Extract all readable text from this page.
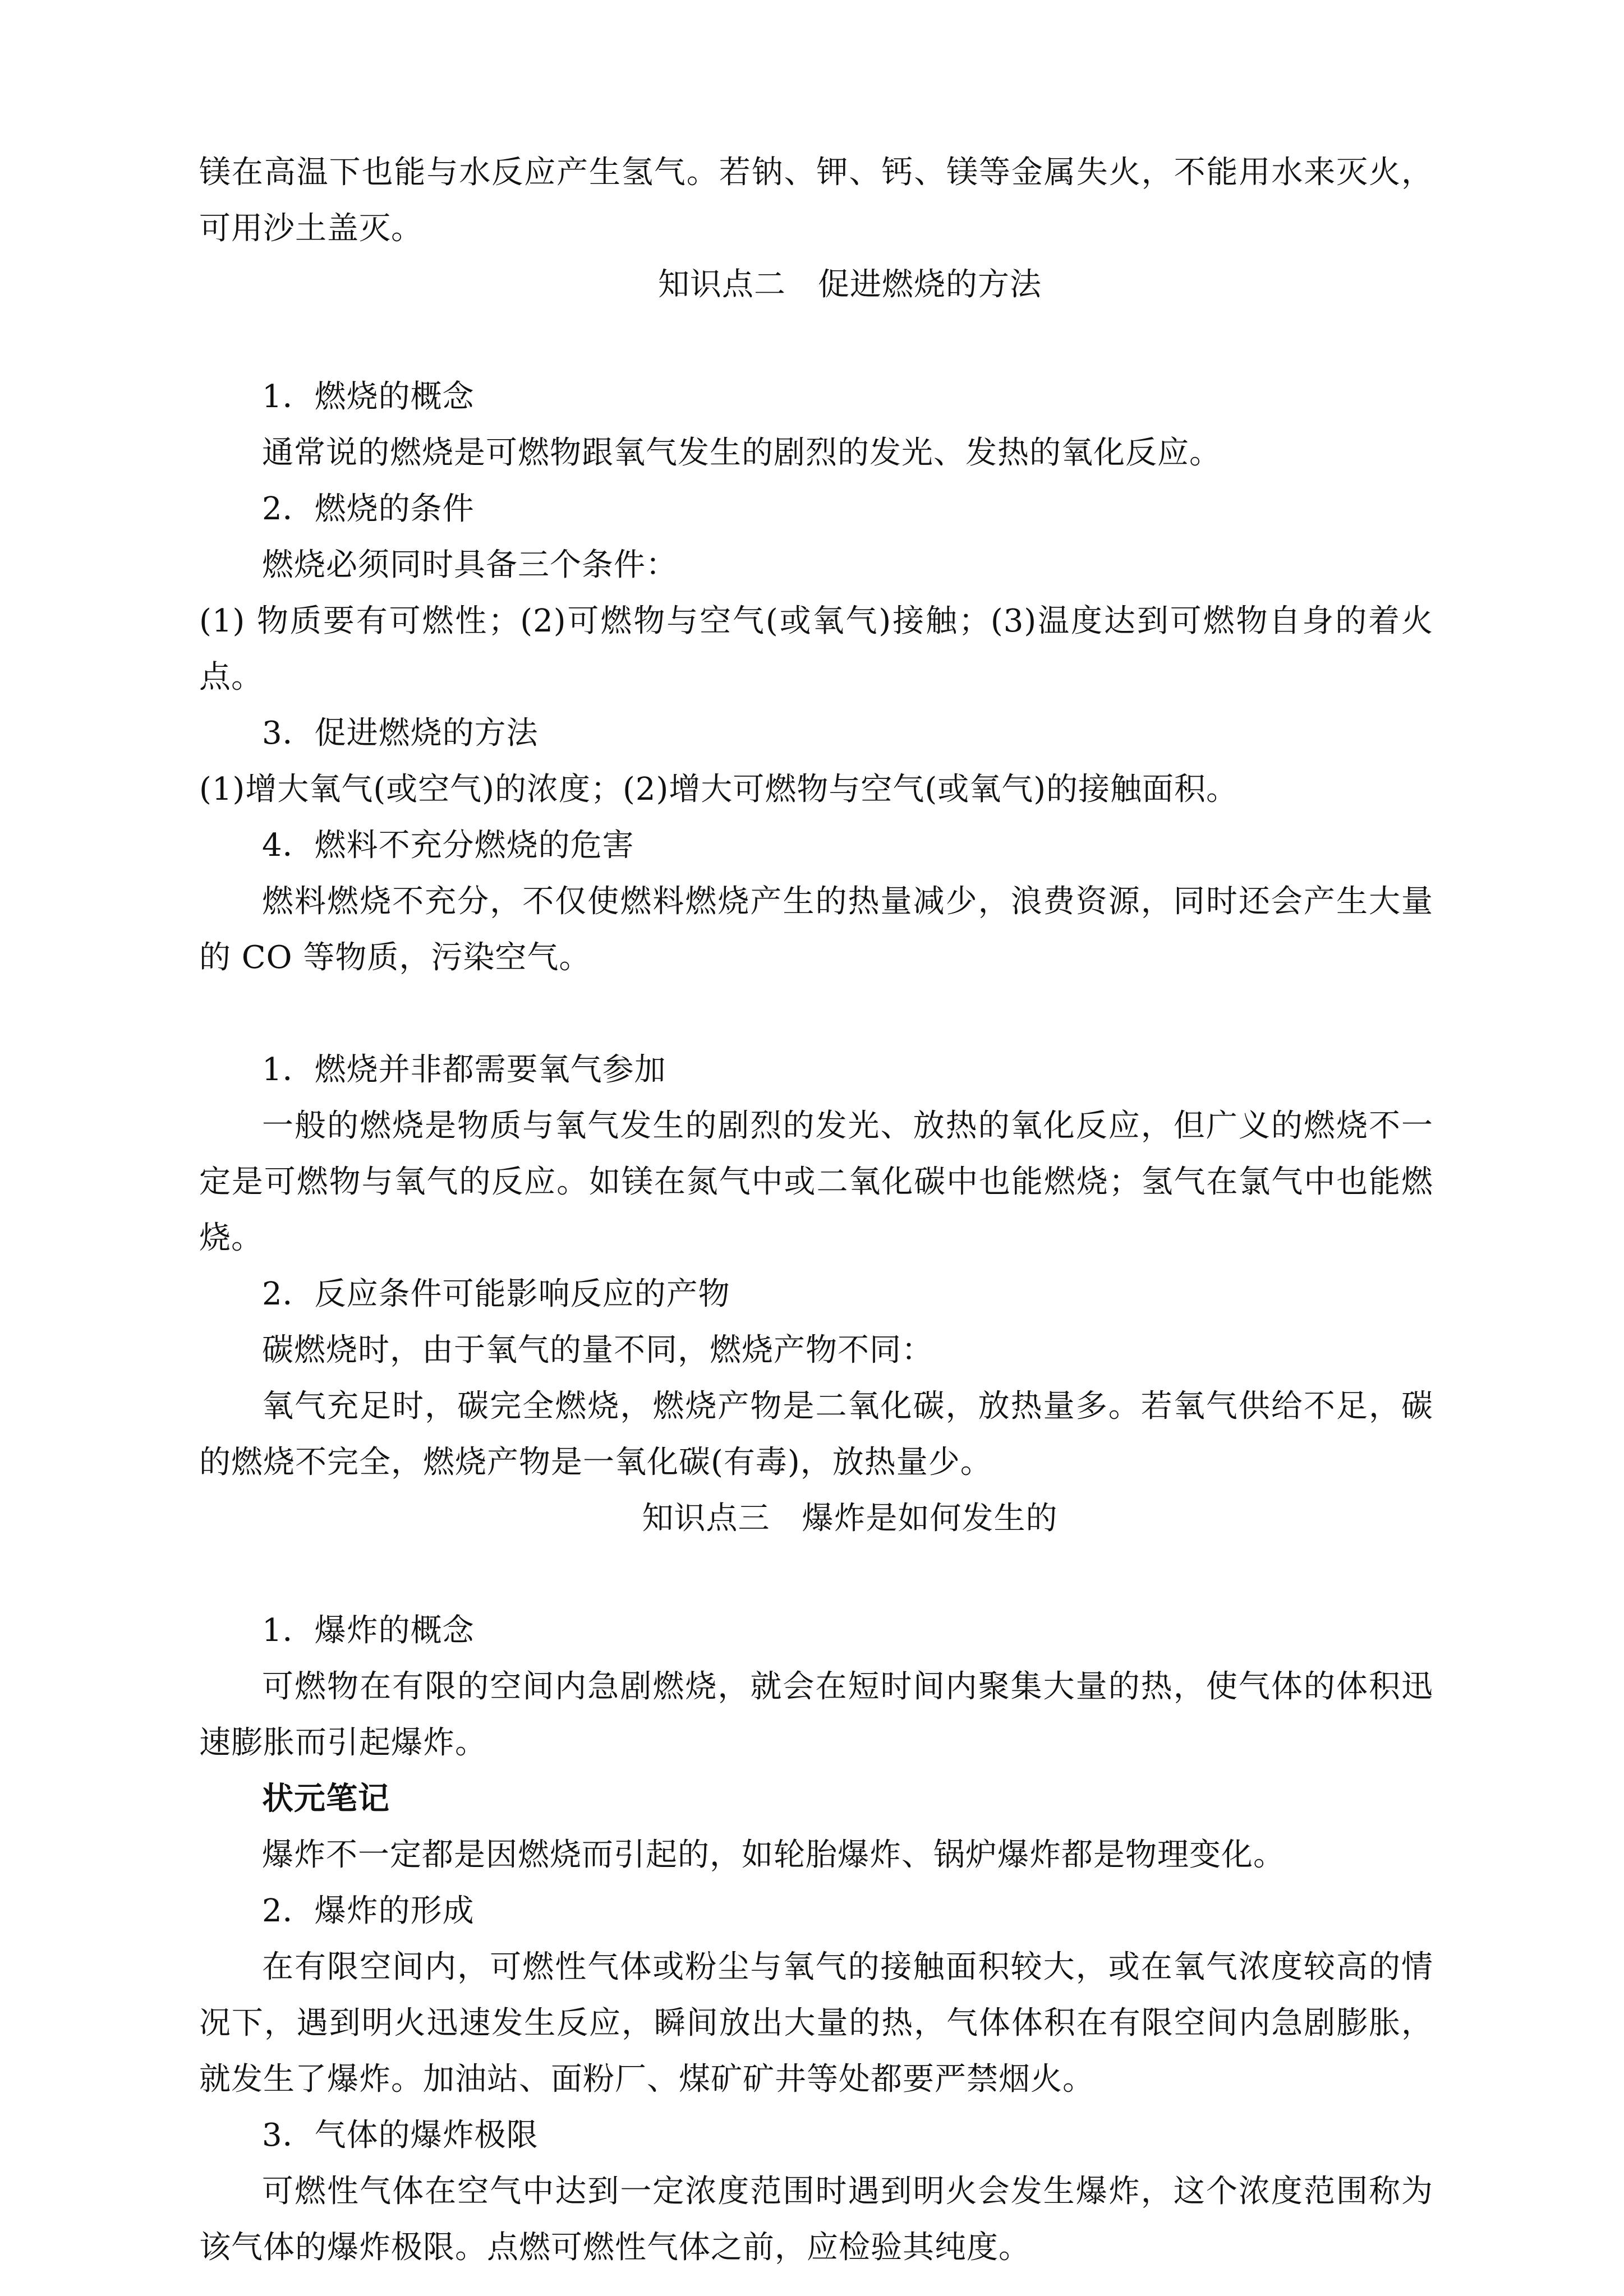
镁在高温下也能与水反应产生氢气。若钠、钾、钙、镁等金属失火，不能用水来灭火，可用沙土盖灭。

知识点二　促进燃烧的方法

1．燃烧的概念

通常说的燃烧是可燃物跟氧气发生的剧烈的发光、发热的氧化反应。

2．燃烧的条件

燃烧必须同时具备三个条件：

(1) 物质要有可燃性；(2)可燃物与空气(或氧气)接触；(3)温度达到可燃物自身的着火点。

3．促进燃烧的方法

(1)增大氧气(或空气)的浓度；(2)增大可燃物与空气(或氧气)的接触面积。

4．燃料不充分燃烧的危害

燃料燃烧不充分，不仅使燃料燃烧产生的热量减少，浪费资源，同时还会产生大量的 CO 等物质，污染空气。

1．燃烧并非都需要氧气参加

一般的燃烧是物质与氧气发生的剧烈的发光、放热的氧化反应，但广义的燃烧不一定是可燃物与氧气的反应。如镁在氮气中或二氧化碳中也能燃烧；氢气在氯气中也能燃烧。

2．反应条件可能影响反应的产物

碳燃烧时，由于氧气的量不同，燃烧产物不同：

氧气充足时，碳完全燃烧，燃烧产物是二氧化碳，放热量多。若氧气供给不足，碳的燃烧不完全，燃烧产物是一氧化碳(有毒)，放热量少。

知识点三　爆炸是如何发生的

1．爆炸的概念

可燃物在有限的空间内急剧燃烧，就会在短时间内聚集大量的热，使气体的体积迅速膨胀而引起爆炸。

状元笔记

爆炸不一定都是因燃烧而引起的，如轮胎爆炸、锅炉爆炸都是物理变化。

2．爆炸的形成

在有限空间内，可燃性气体或粉尘与氧气的接触面积较大，或在氧气浓度较高的情况下，遇到明火迅速发生反应，瞬间放出大量的热，气体体积在有限空间内急剧膨胀，就发生了爆炸。加油站、面粉厂、煤矿矿井等处都要严禁烟火。

3．气体的爆炸极限

可燃性气体在空气中达到一定浓度范围时遇到明火会发生爆炸，这个浓度范围称为该气体的爆炸极限。点燃可燃性气体之前，应检验其纯度。
